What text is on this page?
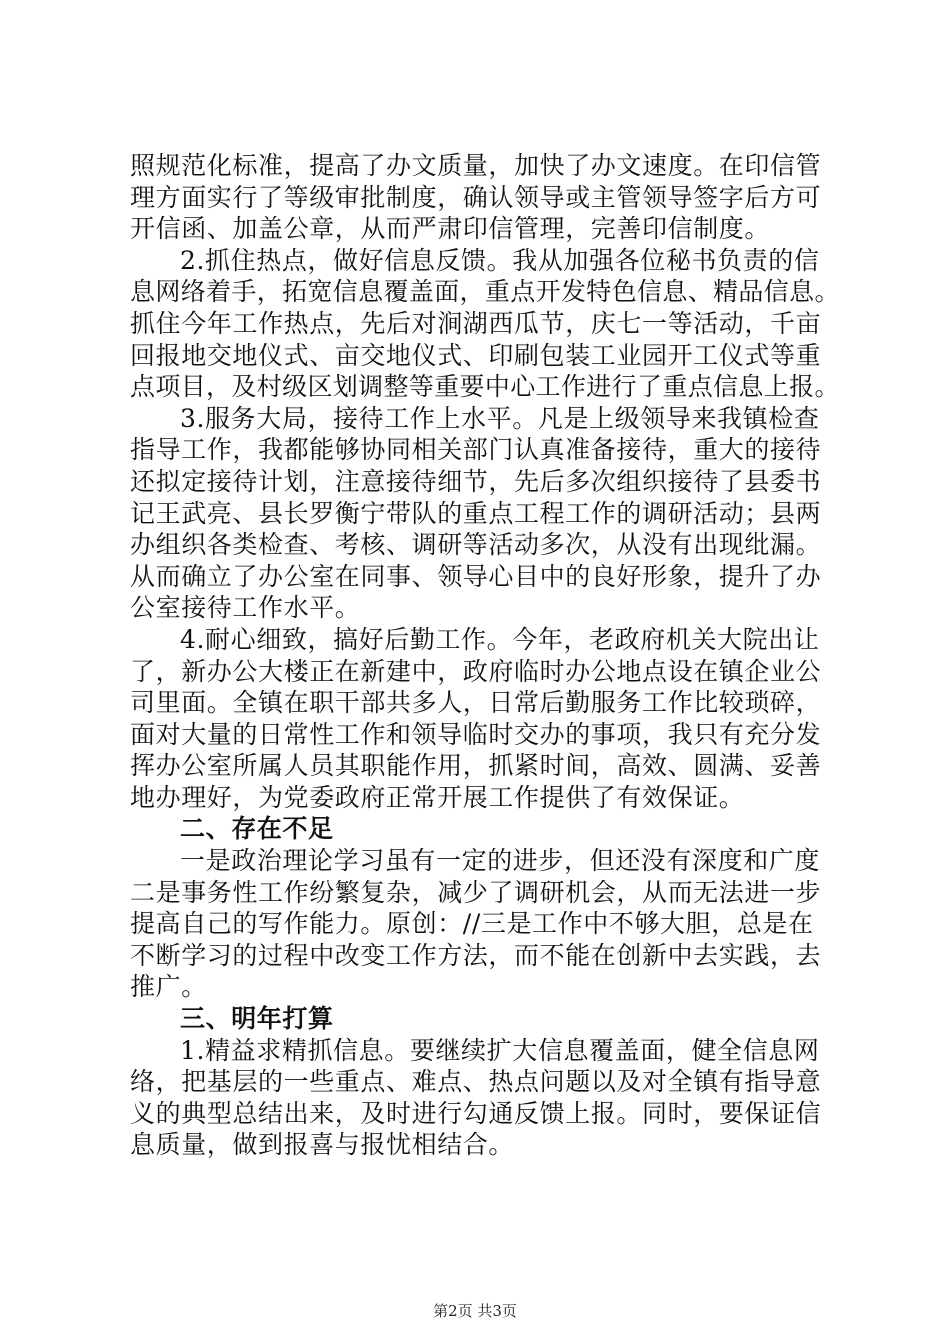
照规范化标准，提高了办文质量，加快了办文速度。在印信管
理方面实行了等级审批制度，确认领导或主管领导签字后方可
开信函、加盖公章，从而严肃印信管理，完善印信制度。
2.抓住热点，做好信息反馈。我从加强各位秘书负责的信
息网络着手，拓宽信息覆盖面，重点开发特色信息、精品信息。
抓住今年工作热点，先后对涧湖西瓜节，庆七一等活动，千亩
回报地交地仪式、亩交地仪式、印刷包装工业园开工仪式等重
点项目，及村级区划调整等重要中心工作进行了重点信息上报。
3.服务大局，接待工作上水平。凡是上级领导来我镇检查
指导工作，我都能够协同相关部门认真准备接待，重大的接待
还拟定接待计划，注意接待细节，先后多次组织接待了县委书
记王武亮、县长罗衡宁带队的重点工程工作的调研活动；县两
办组织各类检查、考核、调研等活动多次，从没有出现纰漏。
从而确立了办公室在同事、领导心目中的良好形象，提升了办
公室接待工作水平。
4.耐心细致，搞好后勤工作。今年，老政府机关大院出让
了，新办公大楼正在新建中，政府临时办公地点设在镇企业公
司里面。全镇在职干部共多人，日常后勤服务工作比较琐碎，
面对大量的日常性工作和领导临时交办的事项，我只有充分发
挥办公室所属人员其职能作用，抓紧时间，高效、圆满、妥善
地办理好，为党委政府正常开展工作提供了有效保证。
二、存在不足
一是政治理论学习虽有一定的进步，但还没有深度和广度
二是事务性工作纷繁复杂，减少了调研机会，从而无法进一步
提高自己的写作能力。原创：//三是工作中不够大胆，总是在
不断学习的过程中改变工作方法，而不能在创新中去实践，去
推广。
三、明年打算
1.精益求精抓信息。要继续扩大信息覆盖面，健全信息网
络，把基层的一些重点、难点、热点问题以及对全镇有指导意
义的典型总结出来，及时进行勾通反馈上报。同时，要保证信
息质量，做到报喜与报忧相结合。
第2页 共3页
